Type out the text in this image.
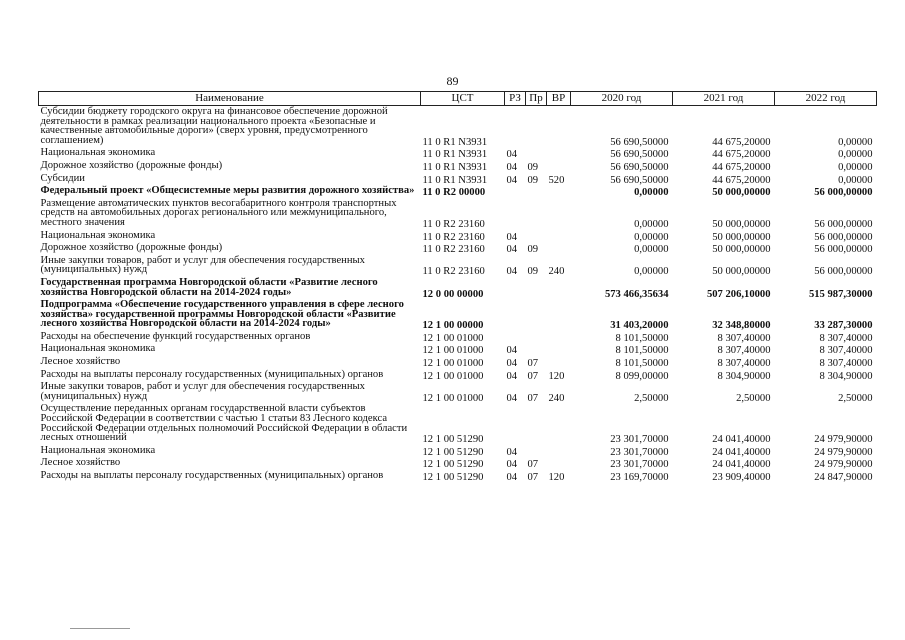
89
Наименование	ЦСТ	РЗ	Пр	ВР	2020 год	2021 год	2022 год
Субсидии бюджету городского округа на финансовое обеспечение дорожной деятельности в рамках реализации национального проекта «Безопасные и качественные автомобильные дороги» (сверх уровня, предусмотренного соглашением)	11 0 R1 N3931				56 690,50000	44 675,20000	0,00000
Национальная экономика	11 0 R1 N3931	04			56 690,50000	44 675,20000	0,00000
Дорожное хозяйство (дорожные фонды)	11 0 R1 N3931	04	09		56 690,50000	44 675,20000	0,00000
Субсидии	11 0 R1 N3931	04	09	520	56 690,50000	44 675,20000	0,00000
Федеральный проект «Общесистемные меры развития дорожного хозяйства»	11 0 R2 00000				0,00000	50 000,00000	56 000,00000
Размещение автоматических пунктов весогабаритного контроля транспортных средств на автомобильных дорогах регионального или межмуниципального, местного значения	11 0 R2 23160				0,00000	50 000,00000	56 000,00000
Национальная экономика	11 0 R2 23160	04			0,00000	50 000,00000	56 000,00000
Дорожное хозяйство (дорожные фонды)	11 0 R2 23160	04	09		0,00000	50 000,00000	56 000,00000
Иные закупки товаров, работ и услуг для обеспечения государственных (муниципальных) нужд	11 0 R2 23160	04	09	240	0,00000	50 000,00000	56 000,00000
Государственная программа Новгородской области «Развитие лесного хозяйства Новгородской области на 2014-2024 годы»	12 0 00 00000				573 466,35634	507 206,10000	515 987,30000
Подпрограмма «Обеспечение государственного управления в сфере лесного хозяйства» государственной программы Новгородской области «Развитие лесного хозяйства Новгородской области на 2014-2024 годы»	12 1 00 00000				31 403,20000	32 348,80000	33 287,30000
Расходы на обеспечение функций государственных органов	12 1 00 01000				8 101,50000	8 307,40000	8 307,40000
Национальная экономика	12 1 00 01000	04			8 101,50000	8 307,40000	8 307,40000
Лесное хозяйство	12 1 00 01000	04	07		8 101,50000	8 307,40000	8 307,40000
Расходы на выплаты персоналу государственных (муниципальных) органов	12 1 00 01000	04	07	120	8 099,00000	8 304,90000	8 304,90000
Иные закупки товаров, работ и услуг для обеспечения государственных (муниципальных) нужд	12 1 00 01000	04	07	240	2,50000	2,50000	2,50000
Осуществление переданных органам государственной власти субъектов Российской Федерации в соответствии с частью 1 статьи 83 Лесного кодекса Российской Федерации отдельных полномочий Российской Федерации в области лесных отношений	12 1 00 51290				23 301,70000	24 041,40000	24 979,90000
Национальная экономика	12 1 00 51290	04			23 301,70000	24 041,40000	24 979,90000
Лесное хозяйство	12 1 00 51290	04	07		23 301,70000	24 041,40000	24 979,90000
Расходы на выплаты персоналу государственных (муниципальных) органов	12 1 00 51290	04	07	120	23 169,70000	23 909,40000	24 847,90000
